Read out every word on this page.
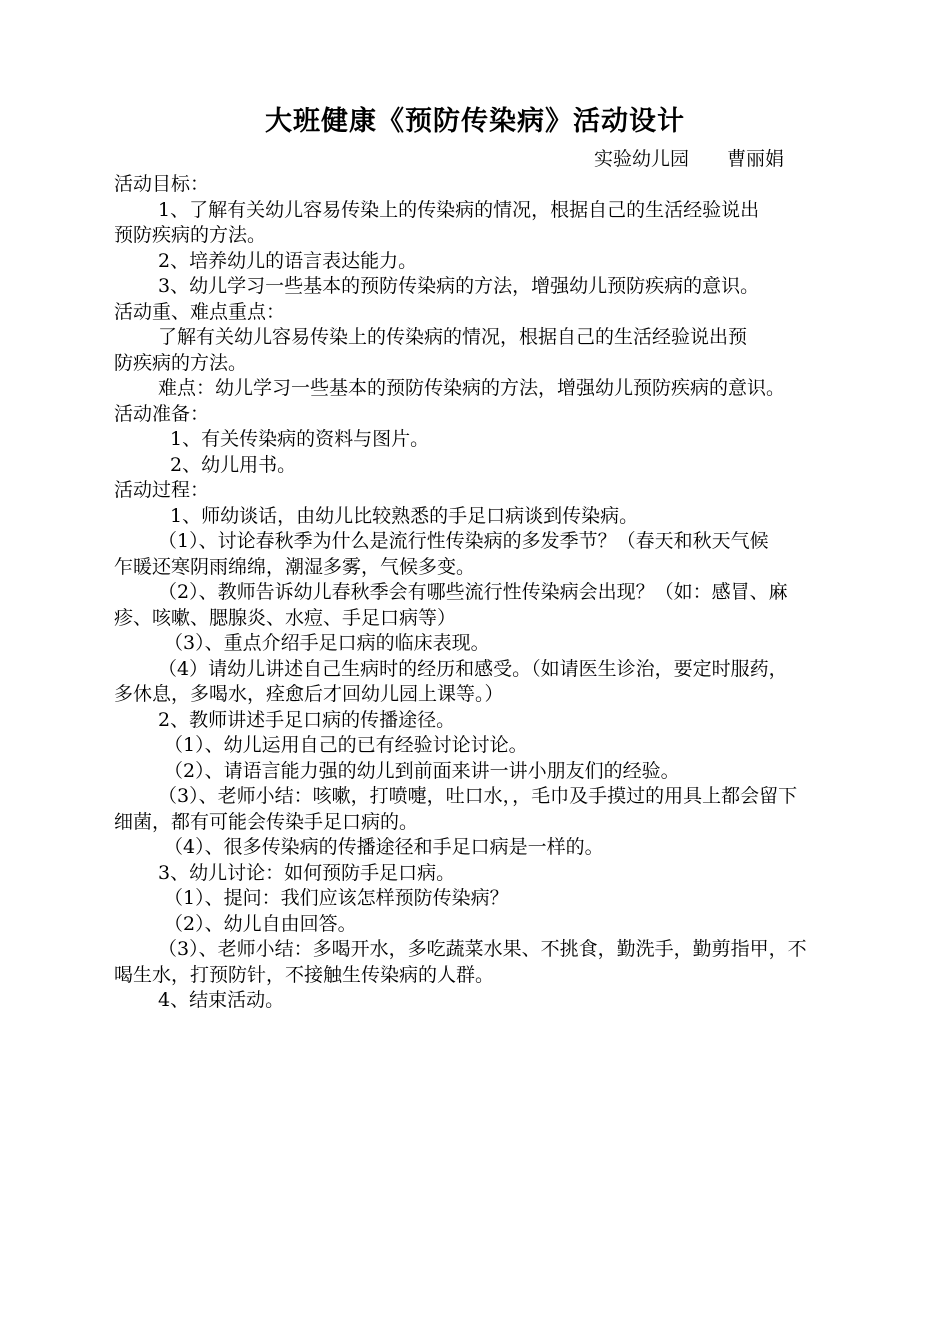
大班健康《预防传染病》活动设计
实验幼儿园　　曹丽娟
活动目标：
1、了解有关幼儿容易传染上的传染病的情况，根据自己的生活经验说出
预防疾病的方法。
2、培养幼儿的语言表达能力。
3、幼儿学习一些基本的预防传染病的方法，增强幼儿预防疾病的意识。
活动重、难点重点：
了解有关幼儿容易传染上的传染病的情况，根据自己的生活经验说出预
防疾病的方法。
难点：幼儿学习一些基本的预防传染病的方法，增强幼儿预防疾病的意识。
活动准备：
1、有关传染病的资料与图片。
2、幼儿用书。
活动过程：
1、师幼谈话，由幼儿比较熟悉的手足口病谈到传染病。
（1）、讨论春秋季为什么是流行性传染病的多发季节？（春天和秋天气候
乍暖还寒阴雨绵绵，潮湿多雾，气候多变。
（2）、教师告诉幼儿春秋季会有哪些流行性传染病会出现？（如：感冒、麻
疹、咳嗽、腮腺炎、水痘、手足口病等）
（3）、重点介绍手足口病的临床表现。
（4）请幼儿讲述自己生病时的经历和感受。（如请医生诊治，要定时服药，
多休息，多喝水，痊愈后才回幼儿园上课等。）
2、教师讲述手足口病的传播途径。
（1）、幼儿运用自己的已有经验讨论讨论。
（2）、请语言能力强的幼儿到前面来讲一讲小朋友们的经验。
（3）、老师小结：咳嗽，打喷嚏，吐口水，，毛巾及手摸过的用具上都会留下
细菌，都有可能会传染手足口病的。
（4）、很多传染病的传播途径和手足口病是一样的。
3、幼儿讨论：如何预防手足口病。
（1）、提问：我们应该怎样预防传染病？
（2）、幼儿自由回答。
（3）、老师小结：多喝开水，多吃蔬菜水果、不挑食，勤洗手，勤剪指甲，不
喝生水，打预防针，不接触生传染病的人群。
4、结束活动。
